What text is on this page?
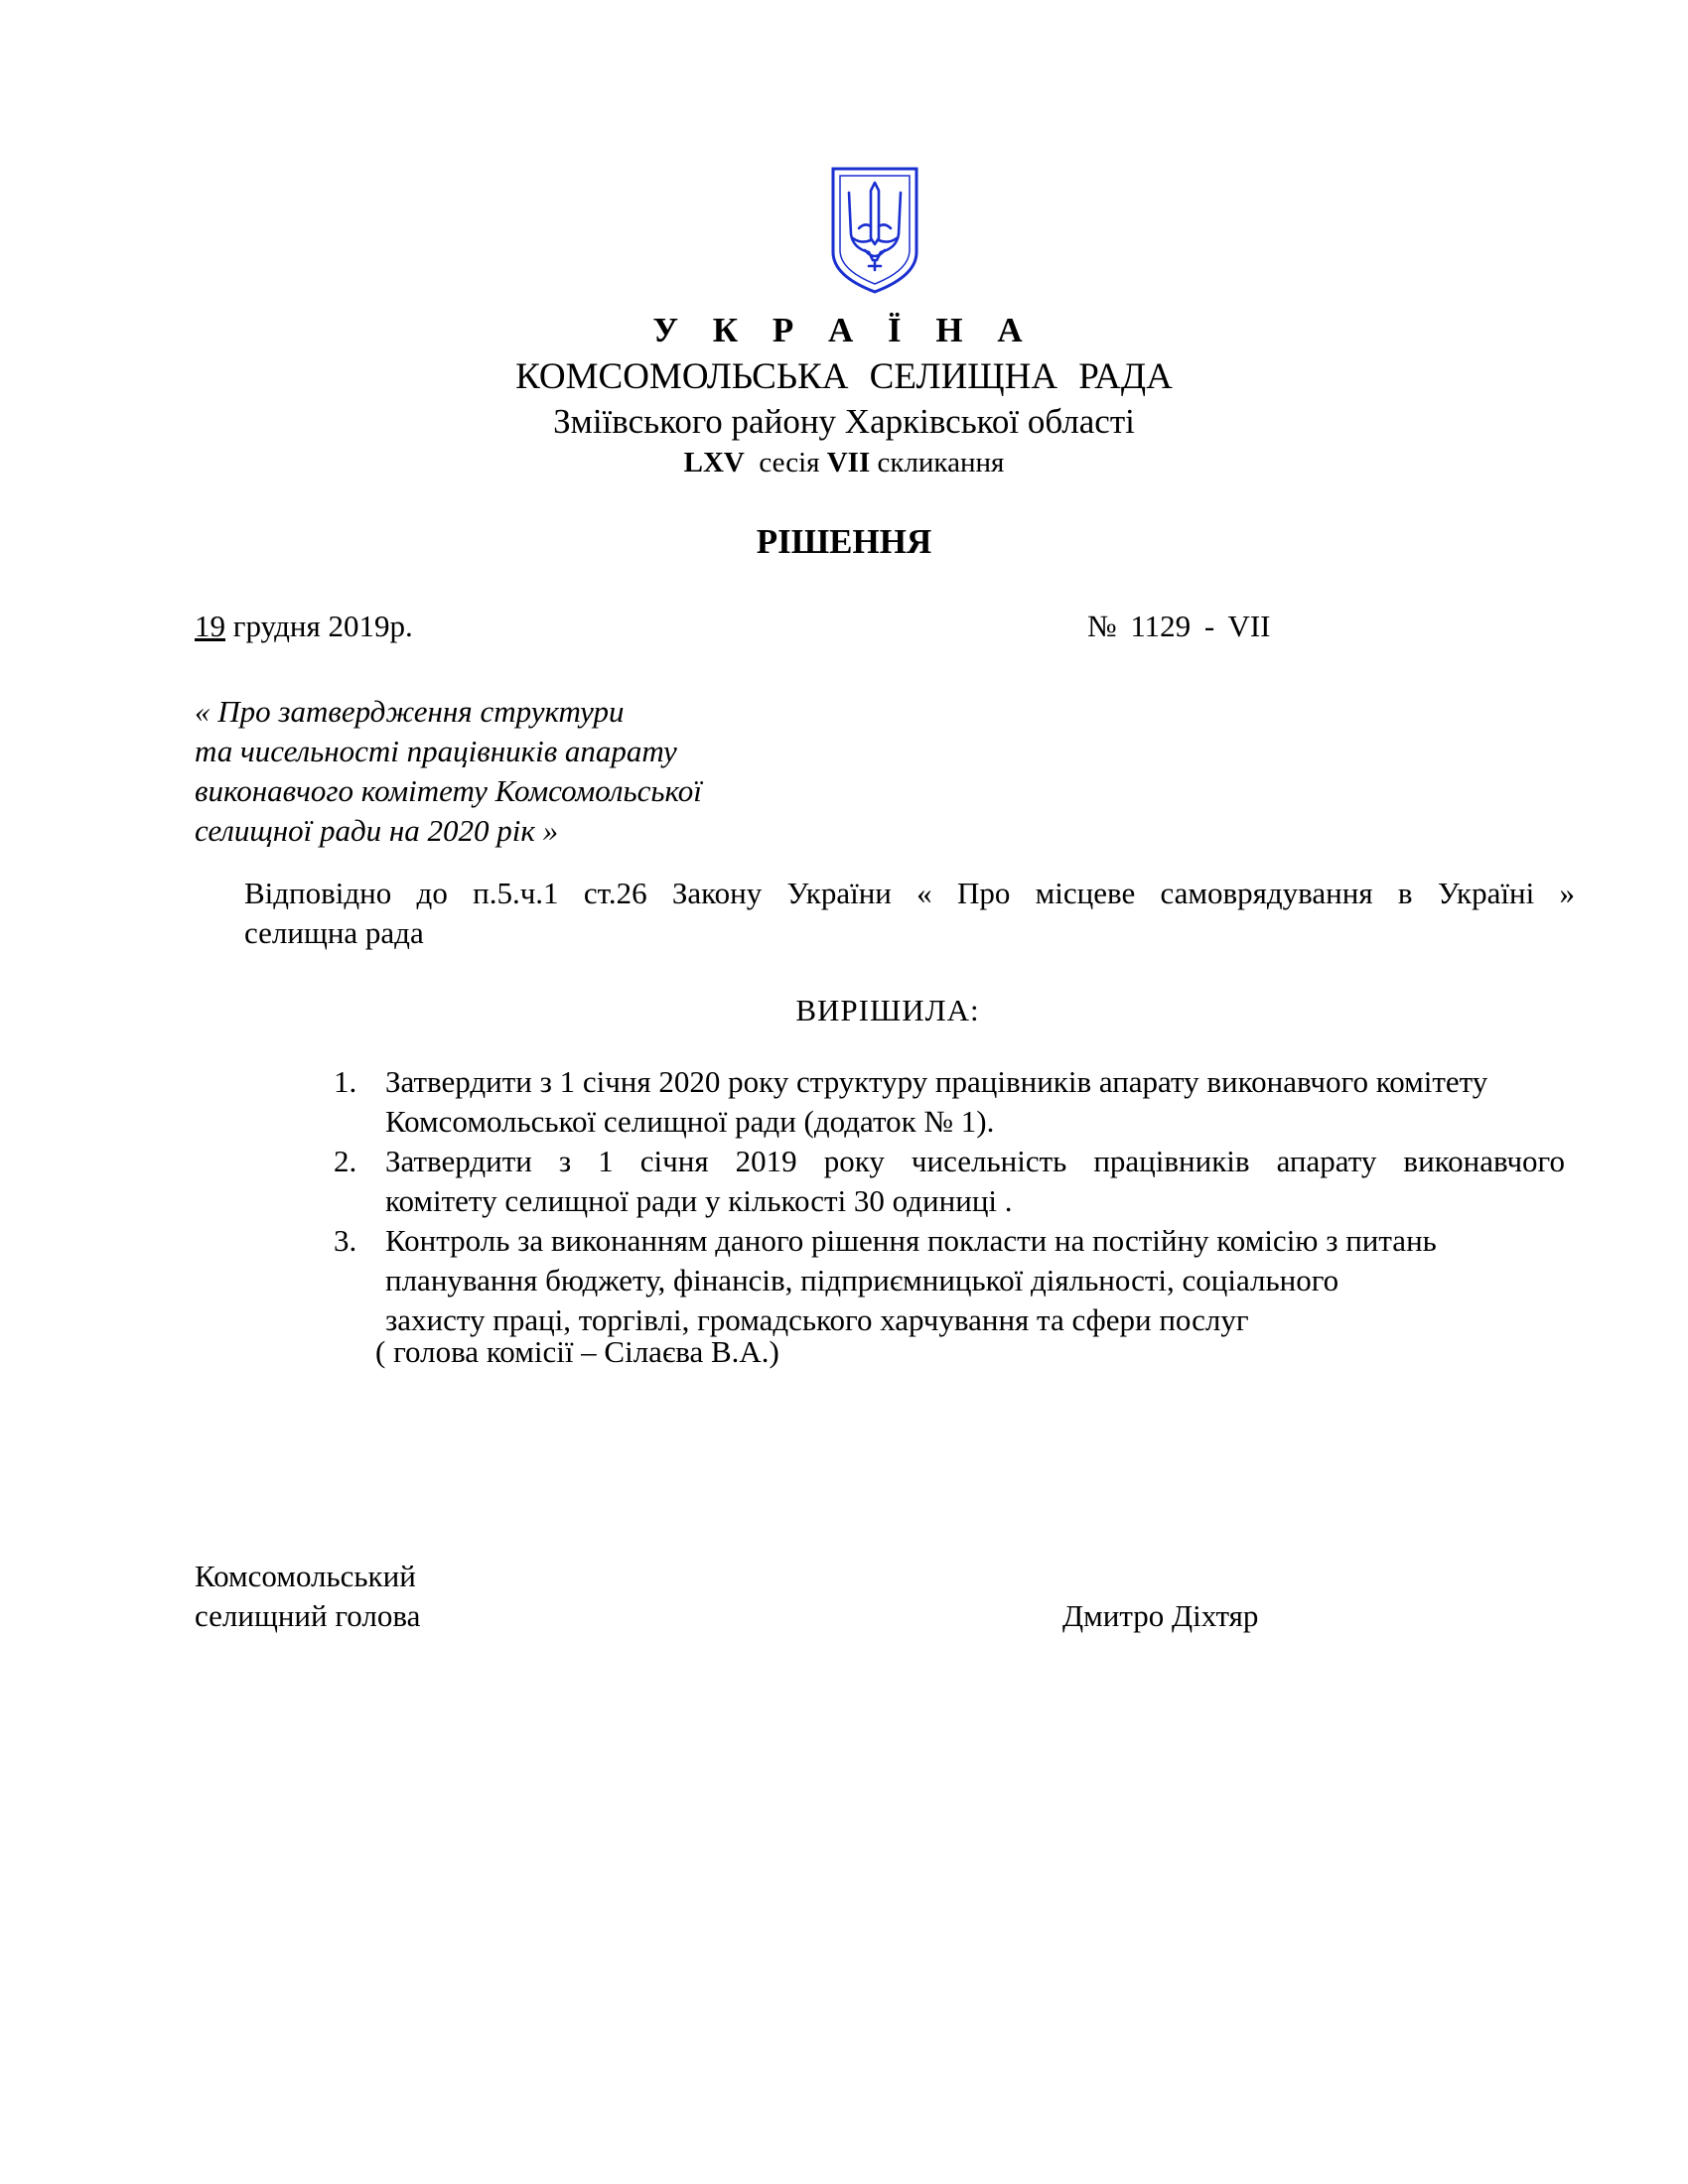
У К Р А Ї Н А
КОМСОМОЛЬСЬКА СЕЛИЩНА РАДА
Зміївського району Харківської області
LXV сесія VII скликання
РІШЕННЯ
19 грудня 2019р.	№ 1129 - VII
« Про затвердження структури
та чисельності працівників апарату
виконавчого комітету Комсомольської
селищної ради на 2020 рік »
Відповідно до п.5.ч.1 ст.26 Закону України « Про місцеве самоврядування в Україні »
селищна рада
ВИРІШИЛА:
1. Затвердити з 1 січня 2020 року структуру працівників апарату виконавчого комітету
Комсомольської селищної ради (додаток № 1).
2. Затвердити з 1 січня 2019 року чисельність працівників апарату виконавчого
комітету селищної ради у кількості 30 одиниці .
3. Контроль за виконанням даного рішення покласти на постійну комісію з питань
планування бюджету, фінансів, підприємницької діяльності, соціального
захисту праці, торгівлі, громадського харчування та сфери послуг
( голова комісії – Сілаєва В.А.)
Комсомольський
селищний голова	Дмитро Діхтяр
